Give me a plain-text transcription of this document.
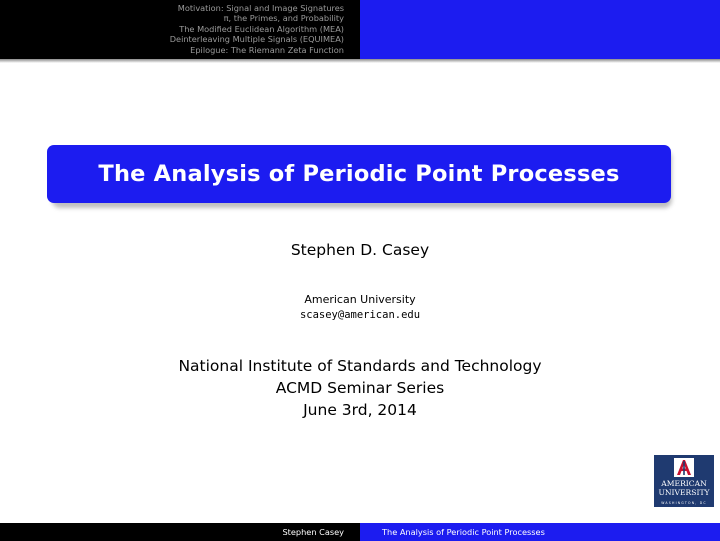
Motivation: Signal and Image Signatures
π, the Primes, and Probability
The Modified Euclidean Algorithm (MEA)
Deinterleaving Multiple Signals (EQUIMEA)
Epilogue: The Riemann Zeta Function
The Analysis of Periodic Point Processes
Stephen D. Casey
American University
scasey@american.edu
National Institute of Standards and Technology
ACMD Seminar Series
June 3rd, 2014
AMERICAN
UNIVERSITY
WASHINGTON, DC
Stephen Casey	The Analysis of Periodic Point Processes
